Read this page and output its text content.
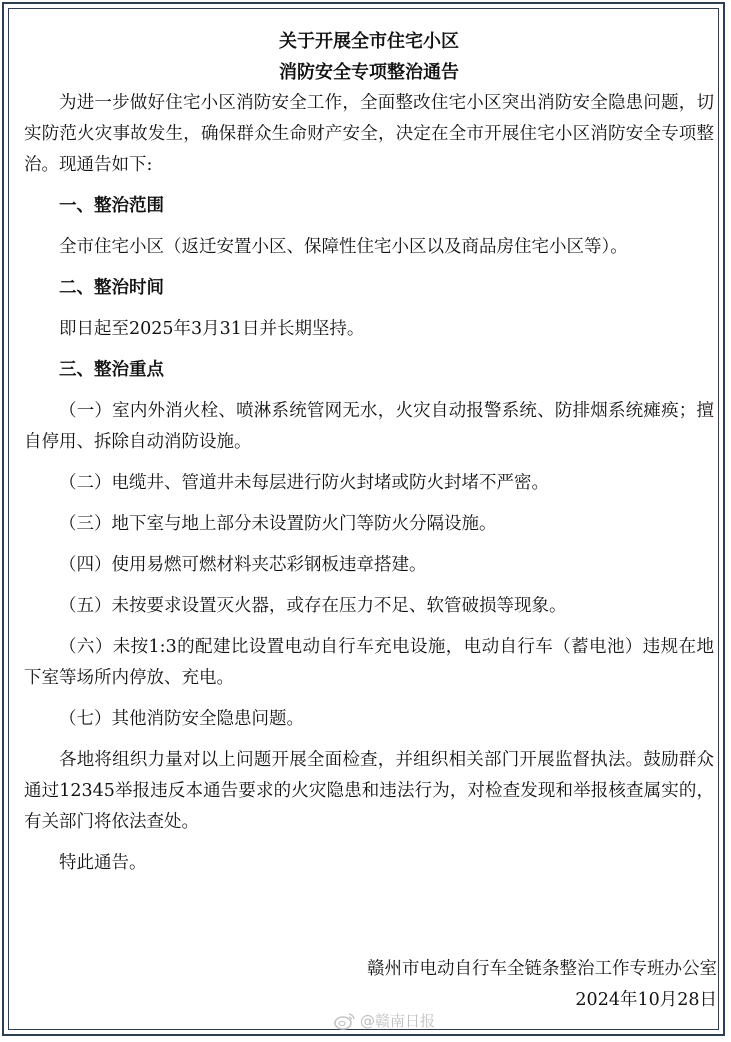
关于开展全市住宅小区
消防安全专项整治通告

为进一步做好住宅小区消防安全工作，全面整改住宅小区突出消防安全隐患问题，切实防范火灾事故发生，确保群众生命财产安全，决定在全市开展住宅小区消防安全专项整治。现通告如下:

一、整治范围

全市住宅小区（返迁安置小区、保障性住宅小区以及商品房住宅小区等）。

二、整治时间

即日起至2025年3月31日并长期坚持。

三、整治重点

（一）室内外消火栓、喷淋系统管网无水，火灾自动报警系统、防排烟系统瘫痪；擅自停用、拆除自动消防设施。

（二）电缆井、管道井未每层进行防火封堵或防火封堵不严密。

（三）地下室与地上部分未设置防火门等防火分隔设施。

（四）使用易燃可燃材料夹芯彩钢板违章搭建。

（五）未按要求设置灭火器，或存在压力不足、软管破损等现象。

（六）未按1:3的配建比设置电动自行车充电设施，电动自行车（蓄电池）违规在地下室等场所内停放、充电。

（七）其他消防安全隐患问题。

各地将组织力量对以上问题开展全面检查，并组织相关部门开展监督执法。鼓励群众通过12345举报违反本通告要求的火灾隐患和违法行为，对检查发现和举报核查属实的，有关部门将依法查处。

特此通告。

赣州市电动自行车全链条整治工作专班办公室
2024年10月28日
@赣南日报
